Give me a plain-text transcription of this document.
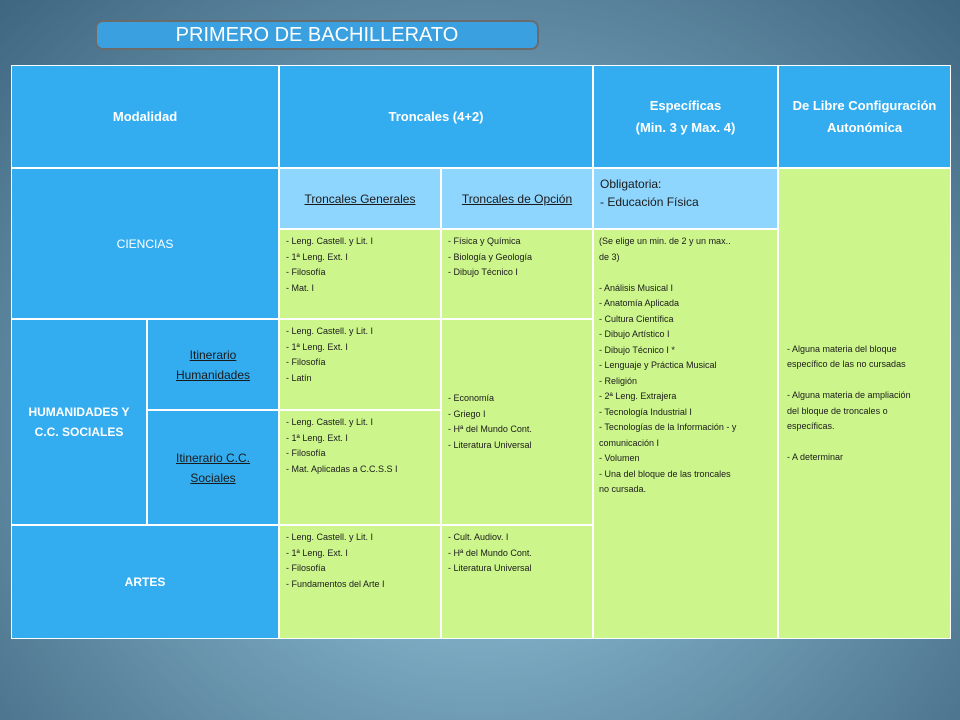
PRIMERO DE BACHILLERATO
Modalidad	Troncales (4+2)
Específicas
(Min. 3 y Max. 4)
De Libre Configuración
Autonómica
CIENCIAS
HUMANIDADES Y
C.C. SOCIALES
Itinerario
Humanidades
Itinerario C.C.
Sociales
ARTES
Troncales Generales	Troncales de Opción
Obligatoria:
- Educación Física
- Leng. Castell. y Lit. I
- 1ª Leng. Ext. I
- Filosofía
- Mat. I
- Leng. Castell. y Lit. I
- 1ª Leng. Ext. I
- Filosofía
- Latín
- Leng. Castell. y Lit. I
- 1ª Leng. Ext. I
- Filosofía
- Mat. Aplicadas a C.C.S.S I
- Leng. Castell. y Lit. I
- 1ª Leng. Ext. I
- Filosofía
- Fundamentos del Arte I
- Física y Química
- Biología y Geología
- Dibujo Técnico I
- Economía
- Griego I
- Hª del Mundo Cont.
- Literatura Universal
- Cult. Audiov. I
- Hª del Mundo Cont.
- Literatura Universal
(Se elige un min. de 2 y un max..
de 3)

- Análisis Musical I
- Anatomía Aplicada
- Cultura Científica
- Dibujo Artístico I
- Dibujo Técnico I *
- Lenguaje y Práctica Musical
- Religión
- 2ª Leng. Extrajera
- Tecnología Industrial I
- Tecnologías de la Información - y
comunicación I
- Volumen
- Una del bloque de las troncales
no cursada.
- Alguna materia del bloque
específico de las no cursadas

- Alguna materia de ampliación
del bloque de troncales o
específicas.

- A determinar
